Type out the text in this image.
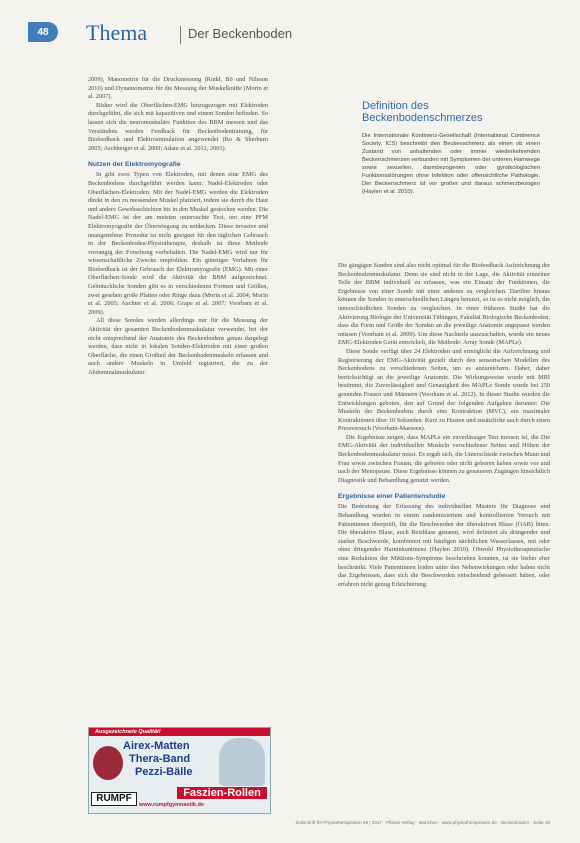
48	Thema	Der Beckenboden

2009), Manometrie für die Druckmessung (Rudd, Bö und Nilsson 2010) und Dynamometrie für die Messung der Muskelkräfte (Morin et al. 2007).

Bisher wird die Oberflächen-EMG hinzugezogen mit Elektroden durchgeführt, die sich mit kapazitiven und einem Sonden befinden. So lassen sich die neuromuskuläre Funktion des BBM messen und das Verständnis werden Feedback für Beckenbodentraining, für Biofeedback und Elektrostimulation angewendet (Bo & Sherburn 2005; Aschberger et al. 2009; Adam et al. 2012, 2003).

Nutzen der Elektromyografie

In gibt zwei Typen von Elektroden, mit denen eine EMG des Beckenbodens durchgeführt werden kann: Nadel-Elektroden oder Oberflächen-Elektroden. Mit der Nadel-EMG werden die Elektroden direkt in den zu messenden Muskel platziert, indem sie durch die Haut und andere Gewebsschichten bis in den Muskel gestochen werden. Die Nadel-EMG ist der am meisten untersuchte Test, um eine PFM Elektromyografie der Überwiegung zu entdecken. Diese invasive und unangenehme Prozedur ist nicht geeignet für den täglichen Gebrauch in der Beckenboden-Physiotherapie, deshalb ist diese Methode vorrangig der Forschung vorbehalten. Die Nadel-EMG wird nur für wissenschaftliche Zwecke empfohlen. Ein günstiger Verfahren für Biofeedback ist der Gebrauch der Elektromyografie (EMG). Mit einer Oberflächen-Sonde wird die Aktivität der BBM aufgezeichnet. Gebräuchliche Sonden gibt es in verschiedenen Formen und Größen, zwei gesehen große Platten oder Ringe dazu (Morin et al. 2004; Morin et al. 2005; Auchter et al. 2006; Grape et al. 2007; Voorham et al. 2009).

All diese Sonden werden allerdings nur für die Messung der Aktivität der gesamten Beckenbodenmuskulatur verwendet, bei der nicht entsprechend der Anatomie des Beckenbodens genau dargelegt werden, dass nicht in lokalen Sonden-Elektroden mit einer großen Oberfläche, die einen Großteil der Beckenbodenmuskeln erfassen und auch andere Muskeln in Umfeld registriert, die zu der Abdominalmuskulatur.

Definition des
Beckenbodenschmerzes
Die Internationale Kontinenz-Gesellschaft (International Continence Society, ICS) beschreibt den Beckenschmerz als einen ob einen Zustand von anhaltenden oder immer wiederkehrenden Beckenschmerzen verbunden mit Symptomen der unteren Harnwege sowie sexuellen, darmbezogenen oder gynäkologischen Funktionsstörungen ohne Infektion oder offensichtliche Pathologie. Der Beckenschmerz ist vor großer und daraus schmerzbezogen (Haylen et al. 2010).

Die gängigen Sonden sind also nicht optimal für die Biofeedback Aufzeichnung der Beckenbodenmuskulatur. Denn sie sind nicht in der Lage, die Aktivität einzelner Teile der BBM individuell zu erfassen, was ein Einsatz der Funktionen, die Ergebnisse von einer Sonde mit einer anderen zu vergleichen. Darüber hinaus können die Sonden in unterschiedlichen Längen benutzt, so ist es nicht möglich, die unterschiedlichen Sonden zu vergleichen. In einer früheren Studie hat die Aktivierung Biologie der Universität Tübingen, Fakultät Biologische Beckenboden, dass die Form und Größe der Sonden an die jeweilige Anatomie angepasst werden müssen (Voorham et al. 2009). Um diese Nachteile auszuschalten, wurde ein neues EMG-Elektroden Gerät entwickelt, die Methode: Array Sonde (MAPLe).

Diese Sonde verfügt über 24 Elektroden und ermöglicht die Aufzeichnung und Registrierung der EMG-Aktivität gezielt durch den sensorischen Modellen des Beckenbodens zu verschiedenen Seiten, um es anzureichern. Daher, daher berücksichtigt an die jeweilige Anatomie. Die Wirkungsweise wurde mit MRI bestimmt, die Zuverlässigkeit und Genauigkeit des MAPLe Sonde wurde bei 250 gesunden Frauen und Männern (Voorham et al. 2012). In dieser Studie wurden die Entwicklungen geboten, den auf Grund der folgenden Aufgaben darunter: Die Muskeln der Beckenbodens durch eine Kontraktion (MVC), ein maximaler Kontraktionen über 10 Sekunden. Kurz zu Husten und zusätzliche auch durch einen Pressversuch (Voorham-Maessen).

Die Ergebnisse zeigen, dass MAPLe ein zuverlässiger Test messen ist, die Die EMG-Aktivität der individuellen Muskeln verschiedener Seiten und Höhen der Beckenbodenmuskulatur misst. Es ergab sich, die Unterschiede zwischen Mann und Frau sowie zwischen Frauen, die geboren oder nicht geboren haben sowie vor und nach der Menopause. Diese Ergebnisse können zu genaueren Zugängen hinsichtlich Diagnostik und Behandlung genutzt werden.

Ergebnisse einer Patientenstudie

Die Bedeutung der Erfassung des individuellen Musters für Diagnose und Behandlung wurden in einem randomisiertem und kontrollierten Versuch mit Patientinnen überprüft, für die Beschwerden der überaktiven Blase (OAB) litten. Die überaktive Blase, auch Reizblase genannt, wird definiert als drängender und starker Beschwerde, kombiniert mit häufigen nächtlichen Wasserlassen, mit oder ohne dringender Harninkontinenz (Haylen 2010). Obwohl Physiotherapeutische eine Reduktion der Miktions-Symptome beschrieben konnten, ist sie bisher eher beschränkt. Viele Patientinnen leiden unter den Nebenwirkungen oder haben nicht das Ergebnissen, dass sich die Beschwerden entscheidend gebessert haben, oder erfahren nicht genug Erleichterung.

Ausgezeichnete Qualität!
Airex-Matten
Thera-Band
Pezzi-Bälle
Faszien-Rollen
RUMPF
www.rumpfgymnastik.de
Zeitschrift für Physiotherapeuten 69 | 2017 · Pflaum Verlag · München · www.physiotherapeuten.de · Beckenboden · Seite 48
